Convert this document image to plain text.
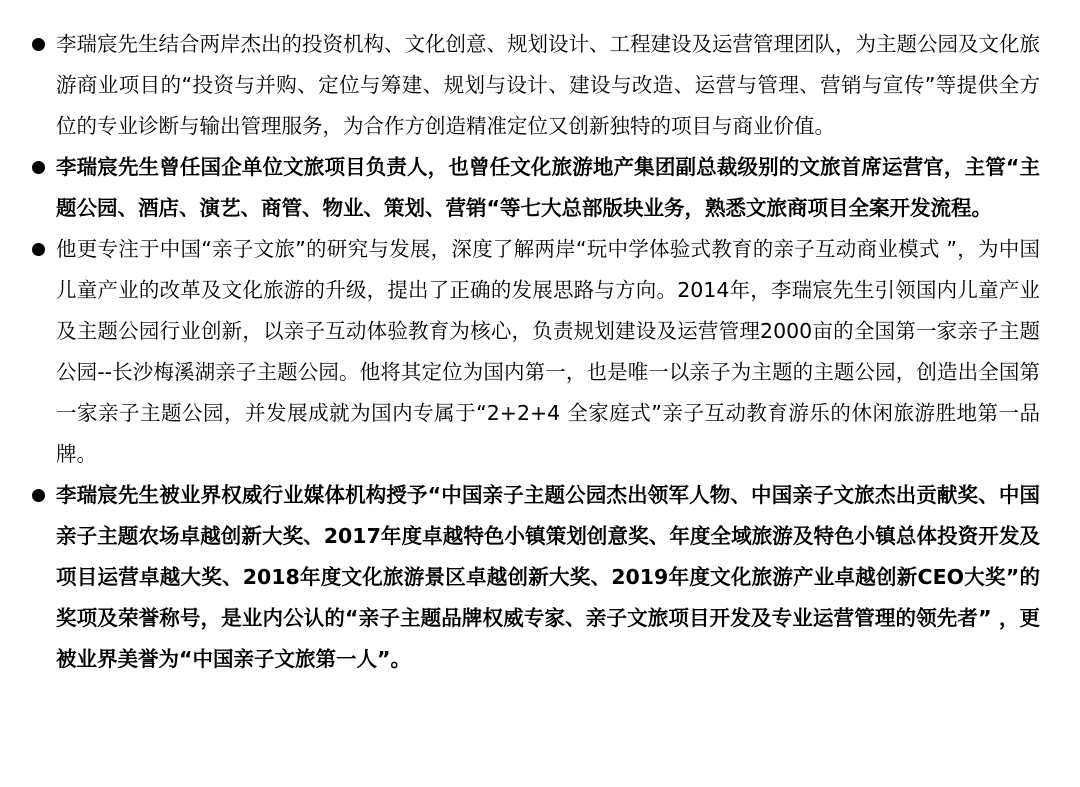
李瑞宸先生结合两岸杰出的投资机构、文化创意、规划设计、工程建设及运营管理团队，为主题公园及文化旅游商业项目的“投资与并购、定位与筹建、规划与设计、建设与改造、运营与管理、营销与宣传”等提供全方位的专业诊断与输出管理服务，为合作方创造精准定位又创新独特的项目与商业价值。
李瑞宸先生曾任国企单位文旅项目负责人，也曾任文化旅游地产集团副总裁级别的文旅首席运营官，主管“主题公园、酒店、演艺、商管、物业、策划、营销“等七大总部版块业务，熟悉文旅商项目全案开发流程。
他更专注于中国“亲子文旅”的研究与发展，深度了解两岸“玩中学体验式教育的亲子互动商业模式 ”，为中国儿童产业的改革及文化旅游的升级，提出了正确的发展思路与方向。2014年，李瑞宸先生引领国内儿童产业及主题公园行业创新，以亲子互动体验教育为核心，负责规划建设及运营管理2000亩的全国第一家亲子主题公园--长沙梅溪湖亲子主题公园。他将其定位为国内第一，也是唯一以亲子为主题的主题公园，创造出全国第一家亲子主题公园，并发展成就为国内专属于“2+2+4 全家庭式”亲子互动教育游乐的休闲旅游胜地第一品牌。
李瑞宸先生被业界权威行业媒体机构授予“中国亲子主题公园杰出领军人物、中国亲子文旅杰出贡献奖、中国亲子主题农场卓越创新大奖、2017年度卓越特色小镇策划创意奖、年度全域旅游及特色小镇总体投资开发及项目运营卓越大奖、2018年度文化旅游景区卓越创新大奖、2019年度文化旅游产业卓越创新CEO大奖”的奖项及荣誉称号，是业内公认的“亲子主题品牌权威专家、亲子文旅项目开发及专业运营管理的领先者” ，更被业界美誉为“中国亲子文旅第一人”。
